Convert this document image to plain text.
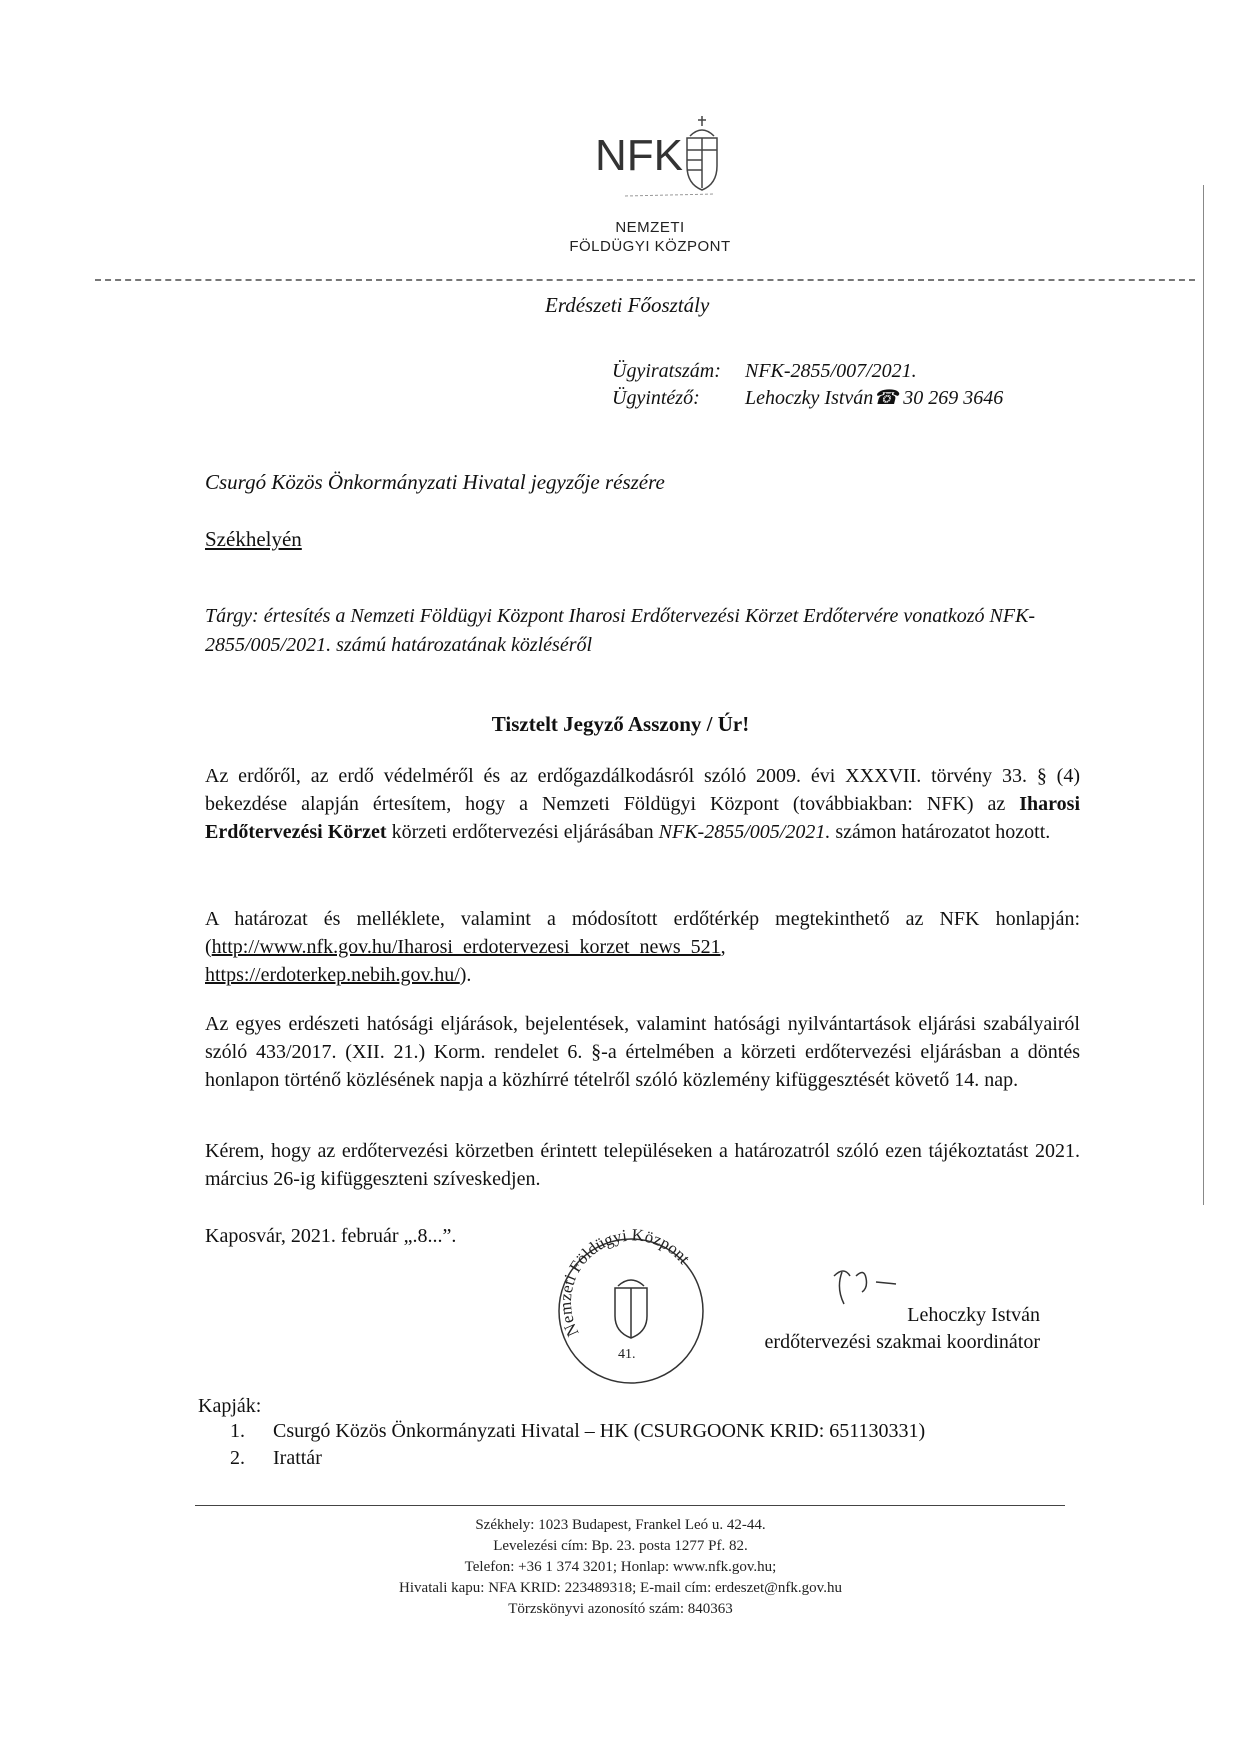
NFK
NEMZETI
FÖLDÜGYI KÖZPONT
Erdészeti Főosztály
Ügyiratszám: NFK-2855/007/2021.
Ügyintéző: Lehoczky István☎ 30 269 3646
Csurgó Közös Önkormányzati Hivatal jegyzője részére
Székhelyén
Tárgy: értesítés a Nemzeti Földügyi Központ Iharosi Erdőtervezési Körzet Erdőtervére vonatkozó NFK-2855/005/2021. számú határozatának közléséről
Tisztelt Jegyző Asszony / Úr!
Az erdőről, az erdő védelméről és az erdőgazdálkodásról szóló 2009. évi XXXVII. törvény 33. § (4) bekezdése alapján értesítem, hogy a Nemzeti Földügyi Központ (továbbiakban: NFK) az Iharosi Erdőtervezési Körzet körzeti erdőtervezési eljárásában NFK-2855/005/2021. számon határozatot hozott.
A határozat és melléklete, valamint a módosított erdőtérkép megtekinthető az NFK honlapján: (http://www.nfk.gov.hu/Iharosi_erdotervezesi_korzet_news_521,
https://erdoterkep.nebih.gov.hu/).
Az egyes erdészeti hatósági eljárások, bejelentések, valamint hatósági nyilvántartások eljárási szabályairól szóló 433/2017. (XII. 21.) Korm. rendelet 6. §-a értelmében a körzeti erdőtervezési eljárásban a döntés honlapon történő közlésének napja a közhírré tételről szóló közlemény kifüggesztését követő 14. nap.
Kérem, hogy az erdőtervezési körzetben érintett településeken a határozatról szóló ezen tájékoztatást 2021. március 26-ig kifüggeszteni szíveskedjen.
Kaposvár, 2021. február „.8...”.
Nemzeti Földügyi Központ
41.
Lehoczky István
erdőtervezési szakmai koordinátor
Kapják:
1. Csurgó Közös Önkormányzati Hivatal – HK (CSURGOONK KRID: 651130331)
2. Irattár
Székhely: 1023 Budapest, Frankel Leó u. 42-44.
Levelezési cím: Bp. 23. posta 1277 Pf. 82.
Telefon: +36 1 374 3201; Honlap: www.nfk.gov.hu;
Hivatali kapu: NFA KRID: 223489318; E-mail cím: erdeszet@nfk.gov.hu
Törzskönyvi azonosító szám: 840363
